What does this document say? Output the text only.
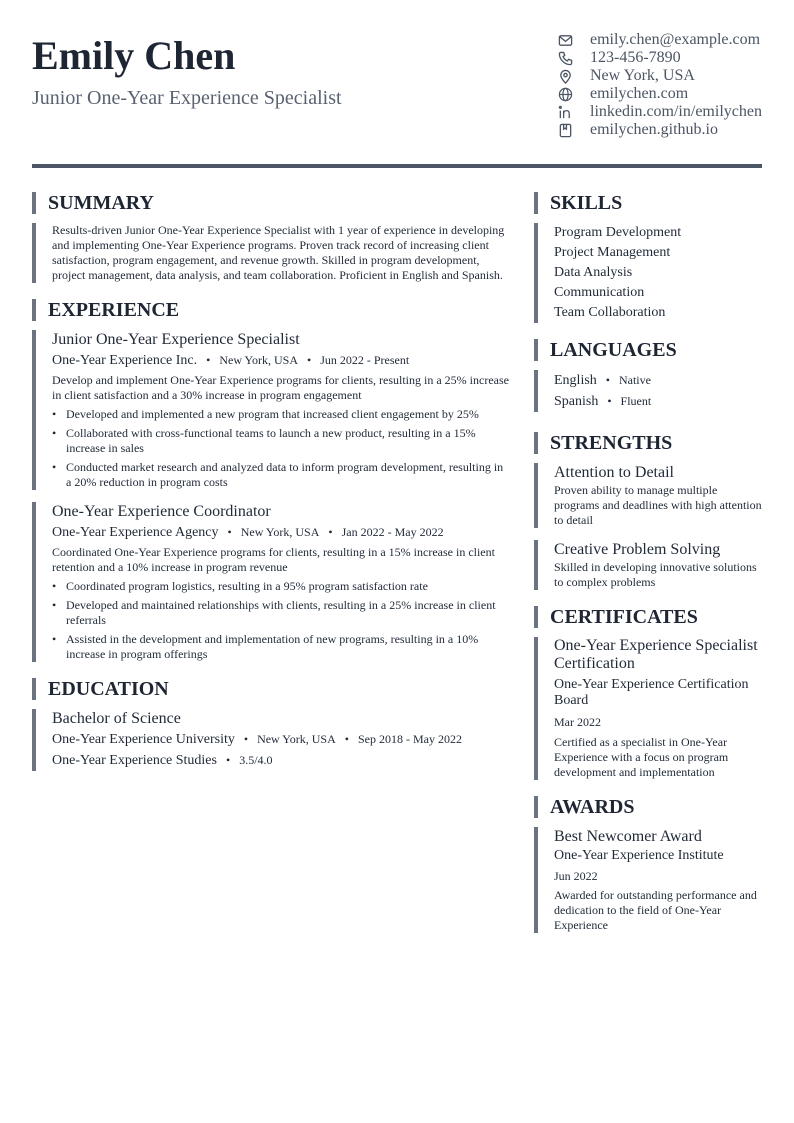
Emily Chen
Junior One-Year Experience Specialist
emily.chen@example.com
123-456-7890
New York, USA
emilychen.com
linkedin.com/in/emilychen
emilychen.github.io
SUMMARY
Results-driven Junior One-Year Experience Specialist with 1 year of experience in developing and implementing One-Year Experience programs. Proven track record of increasing client satisfaction, program engagement, and revenue growth. Skilled in program development, project management, data analysis, and team collaboration. Proficient in English and Spanish.
EXPERIENCE
Junior One-Year Experience Specialist
One-Year Experience Inc. • New York, USA • Jun 2022 - Present
Develop and implement One-Year Experience programs for clients, resulting in a 25% increase in client satisfaction and a 30% increase in program engagement
• Developed and implemented a new program that increased client engagement by 25%
• Collaborated with cross-functional teams to launch a new product, resulting in a 15% increase in sales
• Conducted market research and analyzed data to inform program development, resulting in a 20% reduction in program costs
One-Year Experience Coordinator
One-Year Experience Agency • New York, USA • Jan 2022 - May 2022
Coordinated One-Year Experience programs for clients, resulting in a 15% increase in client retention and a 10% increase in program revenue
• Coordinated program logistics, resulting in a 95% program satisfaction rate
• Developed and maintained relationships with clients, resulting in a 25% increase in client referrals
• Assisted in the development and implementation of new programs, resulting in a 10% increase in program offerings
EDUCATION
Bachelor of Science
One-Year Experience University • New York, USA • Sep 2018 - May 2022
One-Year Experience Studies • 3.5/4.0
SKILLS
Program Development
Project Management
Data Analysis
Communication
Team Collaboration
LANGUAGES
English • Native
Spanish • Fluent
STRENGTHS
Attention to Detail
Proven ability to manage multiple programs and deadlines with high attention to detail
Creative Problem Solving
Skilled in developing innovative solutions to complex problems
CERTIFICATES
One-Year Experience Specialist Certification
One-Year Experience Certification Board
Mar 2022
Certified as a specialist in One-Year Experience with a focus on program development and implementation
AWARDS
Best Newcomer Award
One-Year Experience Institute
Jun 2022
Awarded for outstanding performance and dedication to the field of One-Year Experience
